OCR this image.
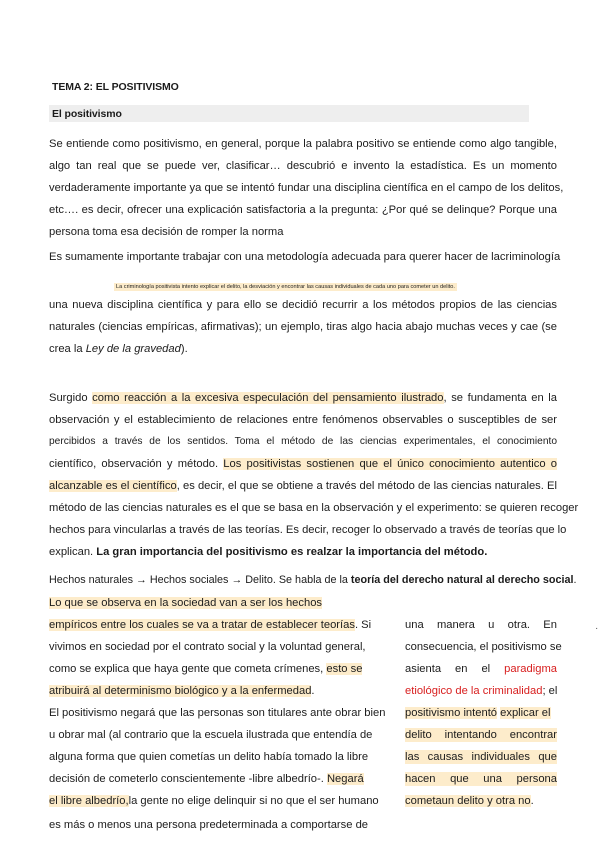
TEMA 2: EL POSITIVISMO
El positivismo
Se entiende como positivismo, en general, porque la palabra positivo se entiende como algo tangible,
algo tan real que se puede ver, clasificar… descubrió e invento la estadística. Es un momento
verdaderamente importante ya que se intentó fundar una disciplina científica en el campo de los delitos,
etc…. es decir, ofrecer una explicación satisfactoria a la pregunta: ¿Por qué se delinque? Porque una
persona toma esa decisión de romper la norma
Es sumamente importante trabajar con una metodología adecuada para querer hacer de lacriminología
La criminología positivista intento explicar el delito, la desviación y encontrar las causas individuales de cada uno para cometer un delito.
una nueva disciplina científica y para ello se decidió recurrir a los métodos propios de las ciencias
naturales (ciencias empíricas, afirmativas); un ejemplo, tiras algo hacia abajo muchas veces y cae (se
crea la Ley de la gravedad).
Surgido como reacción a la excesiva especulación del pensamiento ilustrado, se fundamenta en la
observación y el establecimiento de relaciones entre fenómenos observables o susceptibles de ser
percibidos a través de los sentidos. Toma el método de las ciencias experimentales, el conocimiento
científico, observación y método. Los positivistas sostienen que el único conocimiento autentico o
alcanzable es el científico, es decir, el que se obtiene a través del método de las ciencias naturales. El
método de las ciencias naturales es el que se basa en la observación y el experimento: se quieren recoger
hechos para vincularlas a través de las teorías. Es decir, recoger lo observado a través de teorías que lo
explican. La gran importancia del positivismo es realzar la importancia del método.
Hechos naturales → Hechos sociales → Delito. Se habla de la teoría del derecho natural al derecho social.
Lo que se observa en la sociedad van a ser los hechos
empíricos entre los cuales se va a tratar de establecer teorías. Si
vivimos en sociedad por el contrato social y la voluntad general,
como se explica que haya gente que cometa crímenes, esto se
atribuirá al determinismo biológico y a la enfermedad.
El positivismo negará que las personas son titulares ante obrar bien
u obrar mal (al contrario que la escuela ilustrada que entendía de
alguna forma que quien cometías un delito había tomado la libre
decisión de cometerlo conscientemente -libre albedrío-. Negará
el libre albedrío,la gente no elige delinquir si no que el ser humano
es más o menos una persona predeterminada a comportarse de
una manera u otra. En
consecuencia, el positivismo se
asienta en el paradigma
etiológico de la criminalidad; el
positivismo intentó explicar el
delito intentando encontrar
las causas individuales que
hacen que una persona
cometaun delito y otra no.
·
